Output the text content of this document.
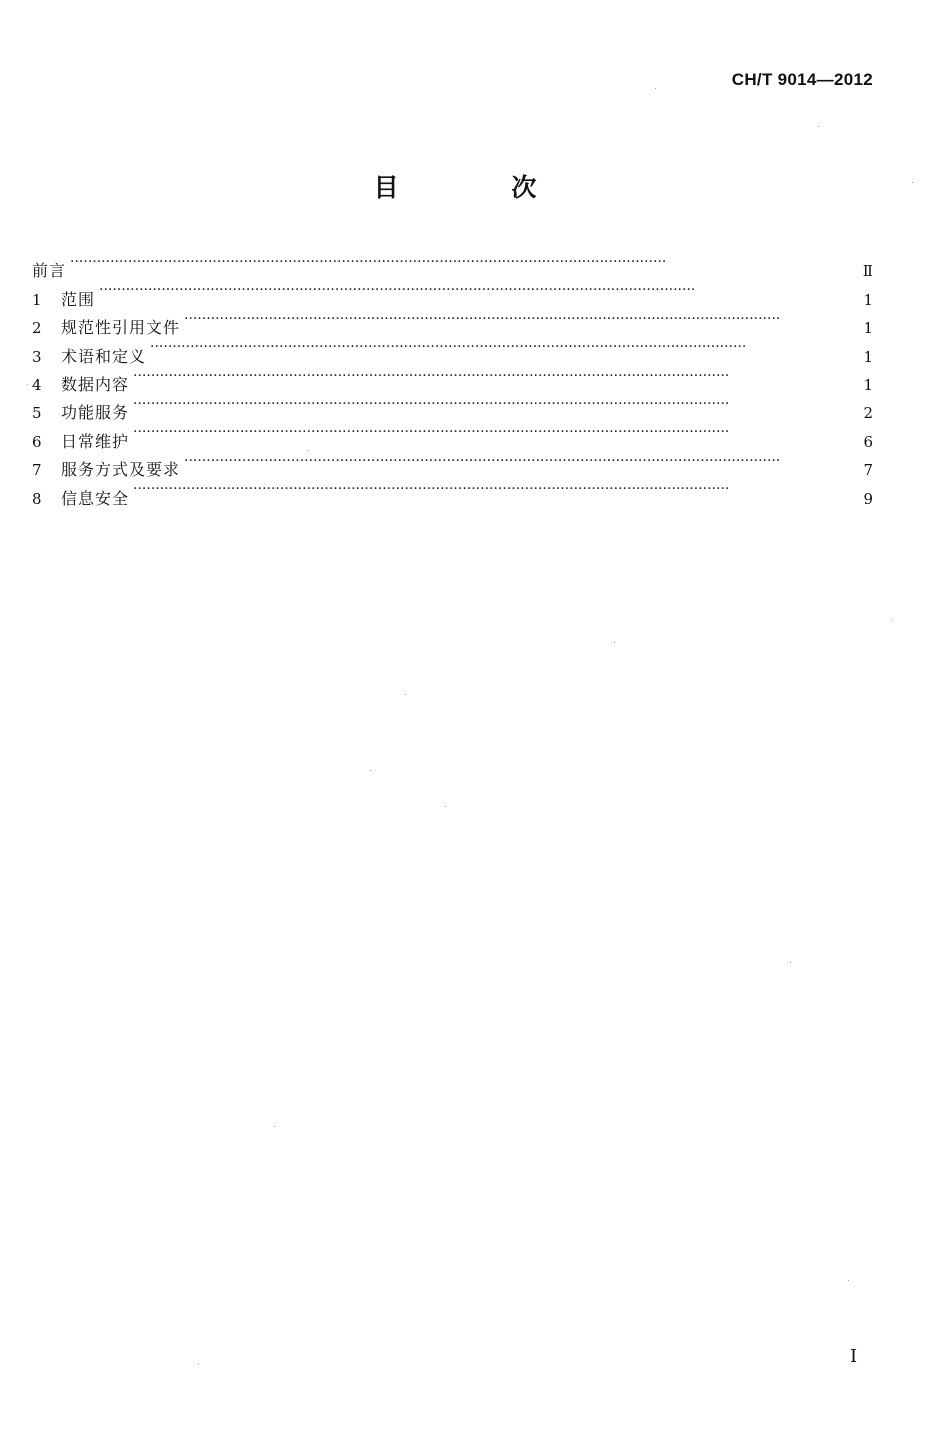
CH/T 9014—2012
目 次
前言 ·····	Ⅱ
1	范围 ·····	1
2	规范性引用文件 ·····	1
3	术语和定义 ·····	1
4	数据内容 ·····	1
5	功能服务 ·····	2
6	日常维护 ·····	6
7	服务方式及要求 ·····	7
8	信息安全 ·····	9
I
